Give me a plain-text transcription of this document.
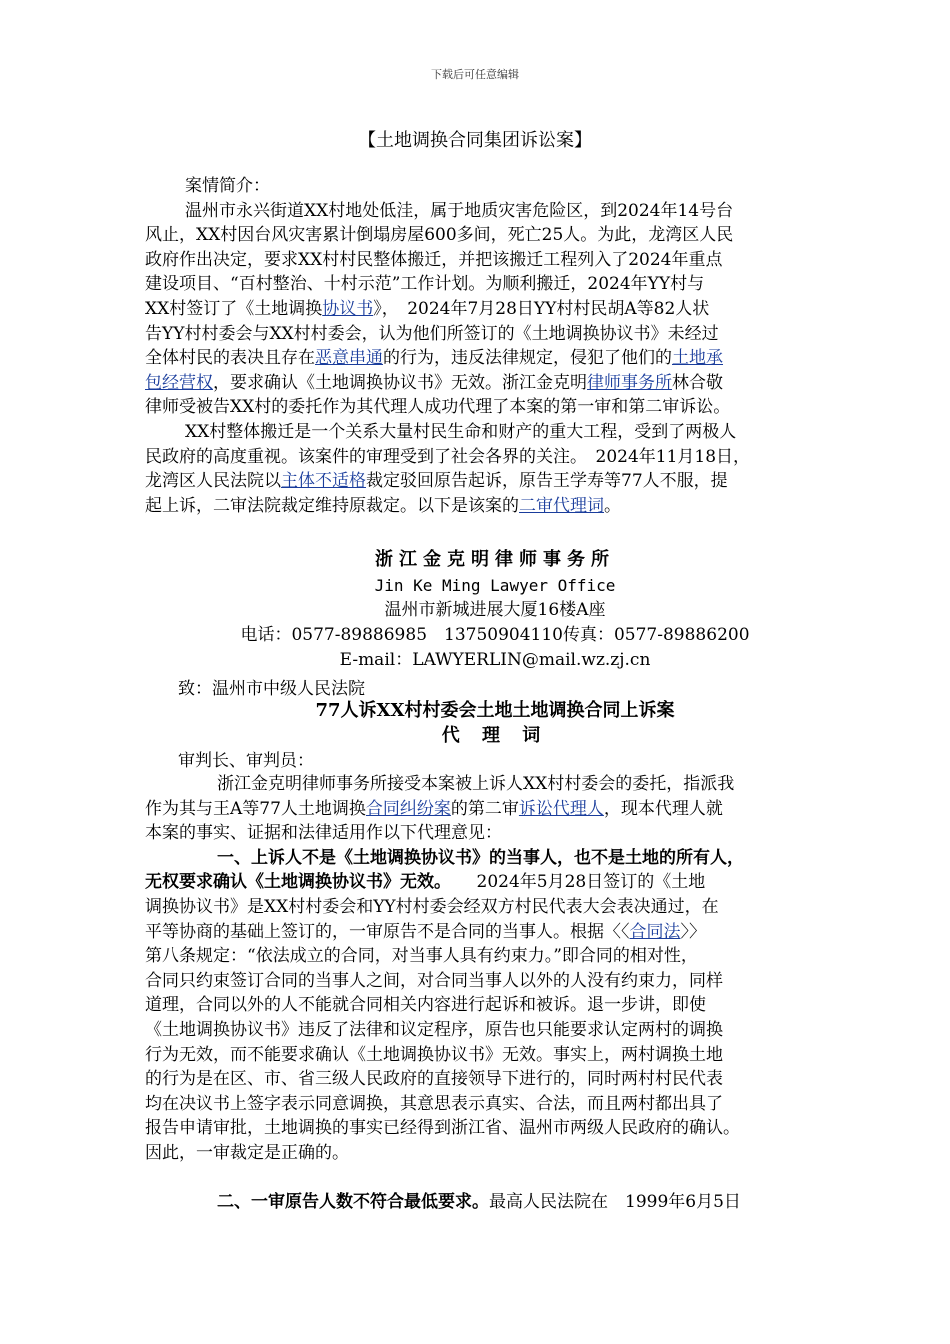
下载后可任意编辑
【土地调换合同集团诉讼案】
案情简介：
温州市永兴街道XX村地处低洼，属于地质灾害危险区，到2024年14号台
风止，XX村因台风灾害累计倒塌房屋600多间，死亡25人。为此，龙湾区人民
政府作出决定，要求XX村村民整体搬迁，并把该搬迁工程列入了2024年重点
建设项目、“百村整治、十村示范”工作计划。为顺利搬迁，2024年YY村与
XX村签订了《土地调换协议书》，　2024年7月28日YY村村民胡A等82人状
告YY村村委会与XX村村委会，认为他们所签订的《土地调换协议书》未经过
全体村民的表决且存在恶意串通的行为，违反法律规定，侵犯了他们的土地承
包经营权，要求确认《土地调换协议书》无效。浙江金克明律师事务所林合敬
律师受被告XX村的委托作为其代理人成功代理了本案的第一审和第二审诉讼。
XX村整体搬迁是一个关系大量村民生命和财产的重大工程，受到了两极人
民政府的高度重视。该案件的审理受到了社会各界的关注。　2024年11月18日，
龙湾区人民法院以主体不适格裁定驳回原告起诉，原告王学寿等77人不服，提
起上诉，二审法院裁定维持原裁定。以下是该案的二审代理词。
浙江金克明律师事务所
Jin Ke Ming Lawyer Office
温州市新城进展大厦16楼A座
电话：0577-89886985　13750904110传真：0577-89886200
E-mail：LAWYERLIN@mail.wz.zj.cn
致：温州市中级人民法院
77人诉XX村村委会土地土地调换合同上诉案
代 理 词
审判长、审判员：
浙江金克明律师事务所接受本案被上诉人XX村村委会的委托，指派我
作为其与王A等77人土地调换合同纠纷案的第二审诉讼代理人，现本代理人就
本案的事实、证据和法律适用作以下代理意见：
一、上诉人不是《土地调换协议书》的当事人，也不是土地的所有人，
无权要求确认《土地调换协议书》无效。　　2024年5月28日签订的《土地
调换协议书》是XX村村委会和YY村村委会经双方村民代表大会表决通过，在
平等协商的基础上签订的，一审原告不是合同的当事人。根据〈〈合同法〉〉
第八条规定：“依法成立的合同，对当事人具有约束力。”即合同的相对性，
合同只约束签订合同的当事人之间，对合同当事人以外的人没有约束力，同样
道理，合同以外的人不能就合同相关内容进行起诉和被诉。退一步讲，即使
《土地调换协议书》违反了法律和议定程序，原告也只能要求认定两村的调换
行为无效，而不能要求确认《土地调换协议书》无效。事实上，两村调换土地
的行为是在区、市、省三级人民政府的直接领导下进行的，同时两村村民代表
均在决议书上签字表示同意调换，其意思表示真实、合法，而且两村都出具了
报告申请审批，土地调换的事实已经得到浙江省、温州市两级人民政府的确认。
因此，一审裁定是正确的。
二、一审原告人数不符合最低要求。最高人民法院在　1999年6月5日
